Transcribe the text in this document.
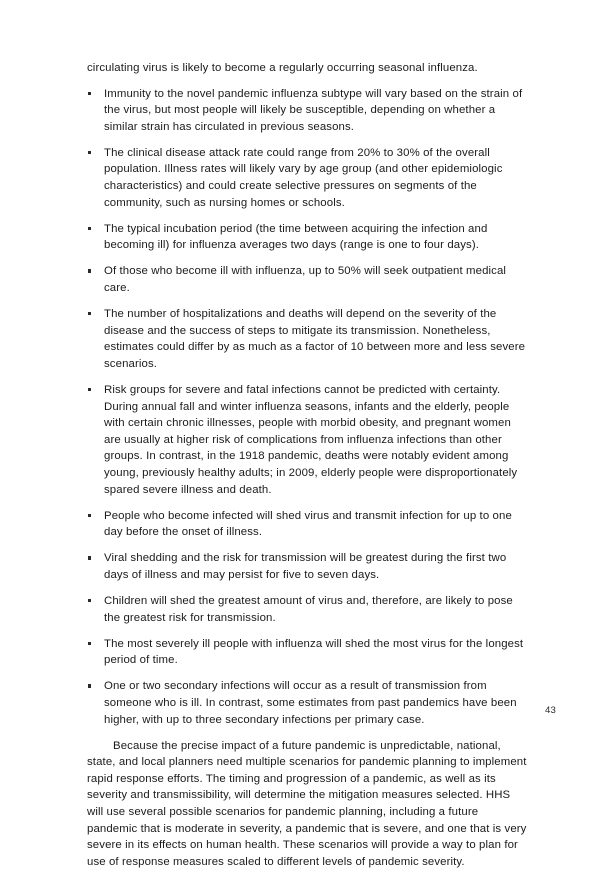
circulating virus is likely to become a regularly occurring seasonal influenza.

Immunity to the novel pandemic influenza subtype will vary based on the strain of the virus, but most people will likely be susceptible, depending on whether a similar strain has circulated in previous seasons.
The clinical disease attack rate could range from 20% to 30% of the overall population. Illness rates will likely vary by age group (and other epidemiologic characteristics) and could create selective pressures on segments of the community, such as nursing homes or schools.
The typical incubation period (the time between acquiring the infection and becoming ill) for influenza averages two days (range is one to four days).
Of those who become ill with influenza, up to 50% will seek outpatient medical care.
The number of hospitalizations and deaths will depend on the severity of the disease and the success of steps to mitigate its transmission. Nonetheless, estimates could differ by as much as a factor of 10 between more and less severe scenarios.
Risk groups for severe and fatal infections cannot be predicted with certainty. During annual fall and winter influenza seasons, infants and the elderly, people with certain chronic illnesses, people with morbid obesity, and pregnant women are usually at higher risk of complications from influenza infections than other groups. In contrast, in the 1918 pandemic, deaths were notably evident among young, previously healthy adults; in 2009, elderly people were disproportionately spared severe illness and death.
People who become infected will shed virus and transmit infection for up to one day before the onset of illness.
Viral shedding and the risk for transmission will be greatest during the first two days of illness and may persist for five to seven days.
Children will shed the greatest amount of virus and, therefore, are likely to pose the greatest risk for transmission.
The most severely ill people with influenza will shed the most virus for the longest period of time.
One or two secondary infections will occur as a result of transmission from someone who is ill. In contrast, some estimates from past pandemics have been higher, with up to three secondary infections per primary case.

Because the precise impact of a future pandemic is unpredictable, national, state, and local planners need multiple scenarios for pandemic planning to implement rapid response efforts. The timing and progression of a pandemic, as well as its severity and transmissibility, will determine the mitigation measures selected. HHS will use several possible scenarios for pandemic planning, including a future pandemic that is moderate in severity, a pandemic that is severe, and one that is very severe in its effects on human health. These scenarios will provide a way to plan for use of response measures scaled to different levels of pandemic severity.

43
